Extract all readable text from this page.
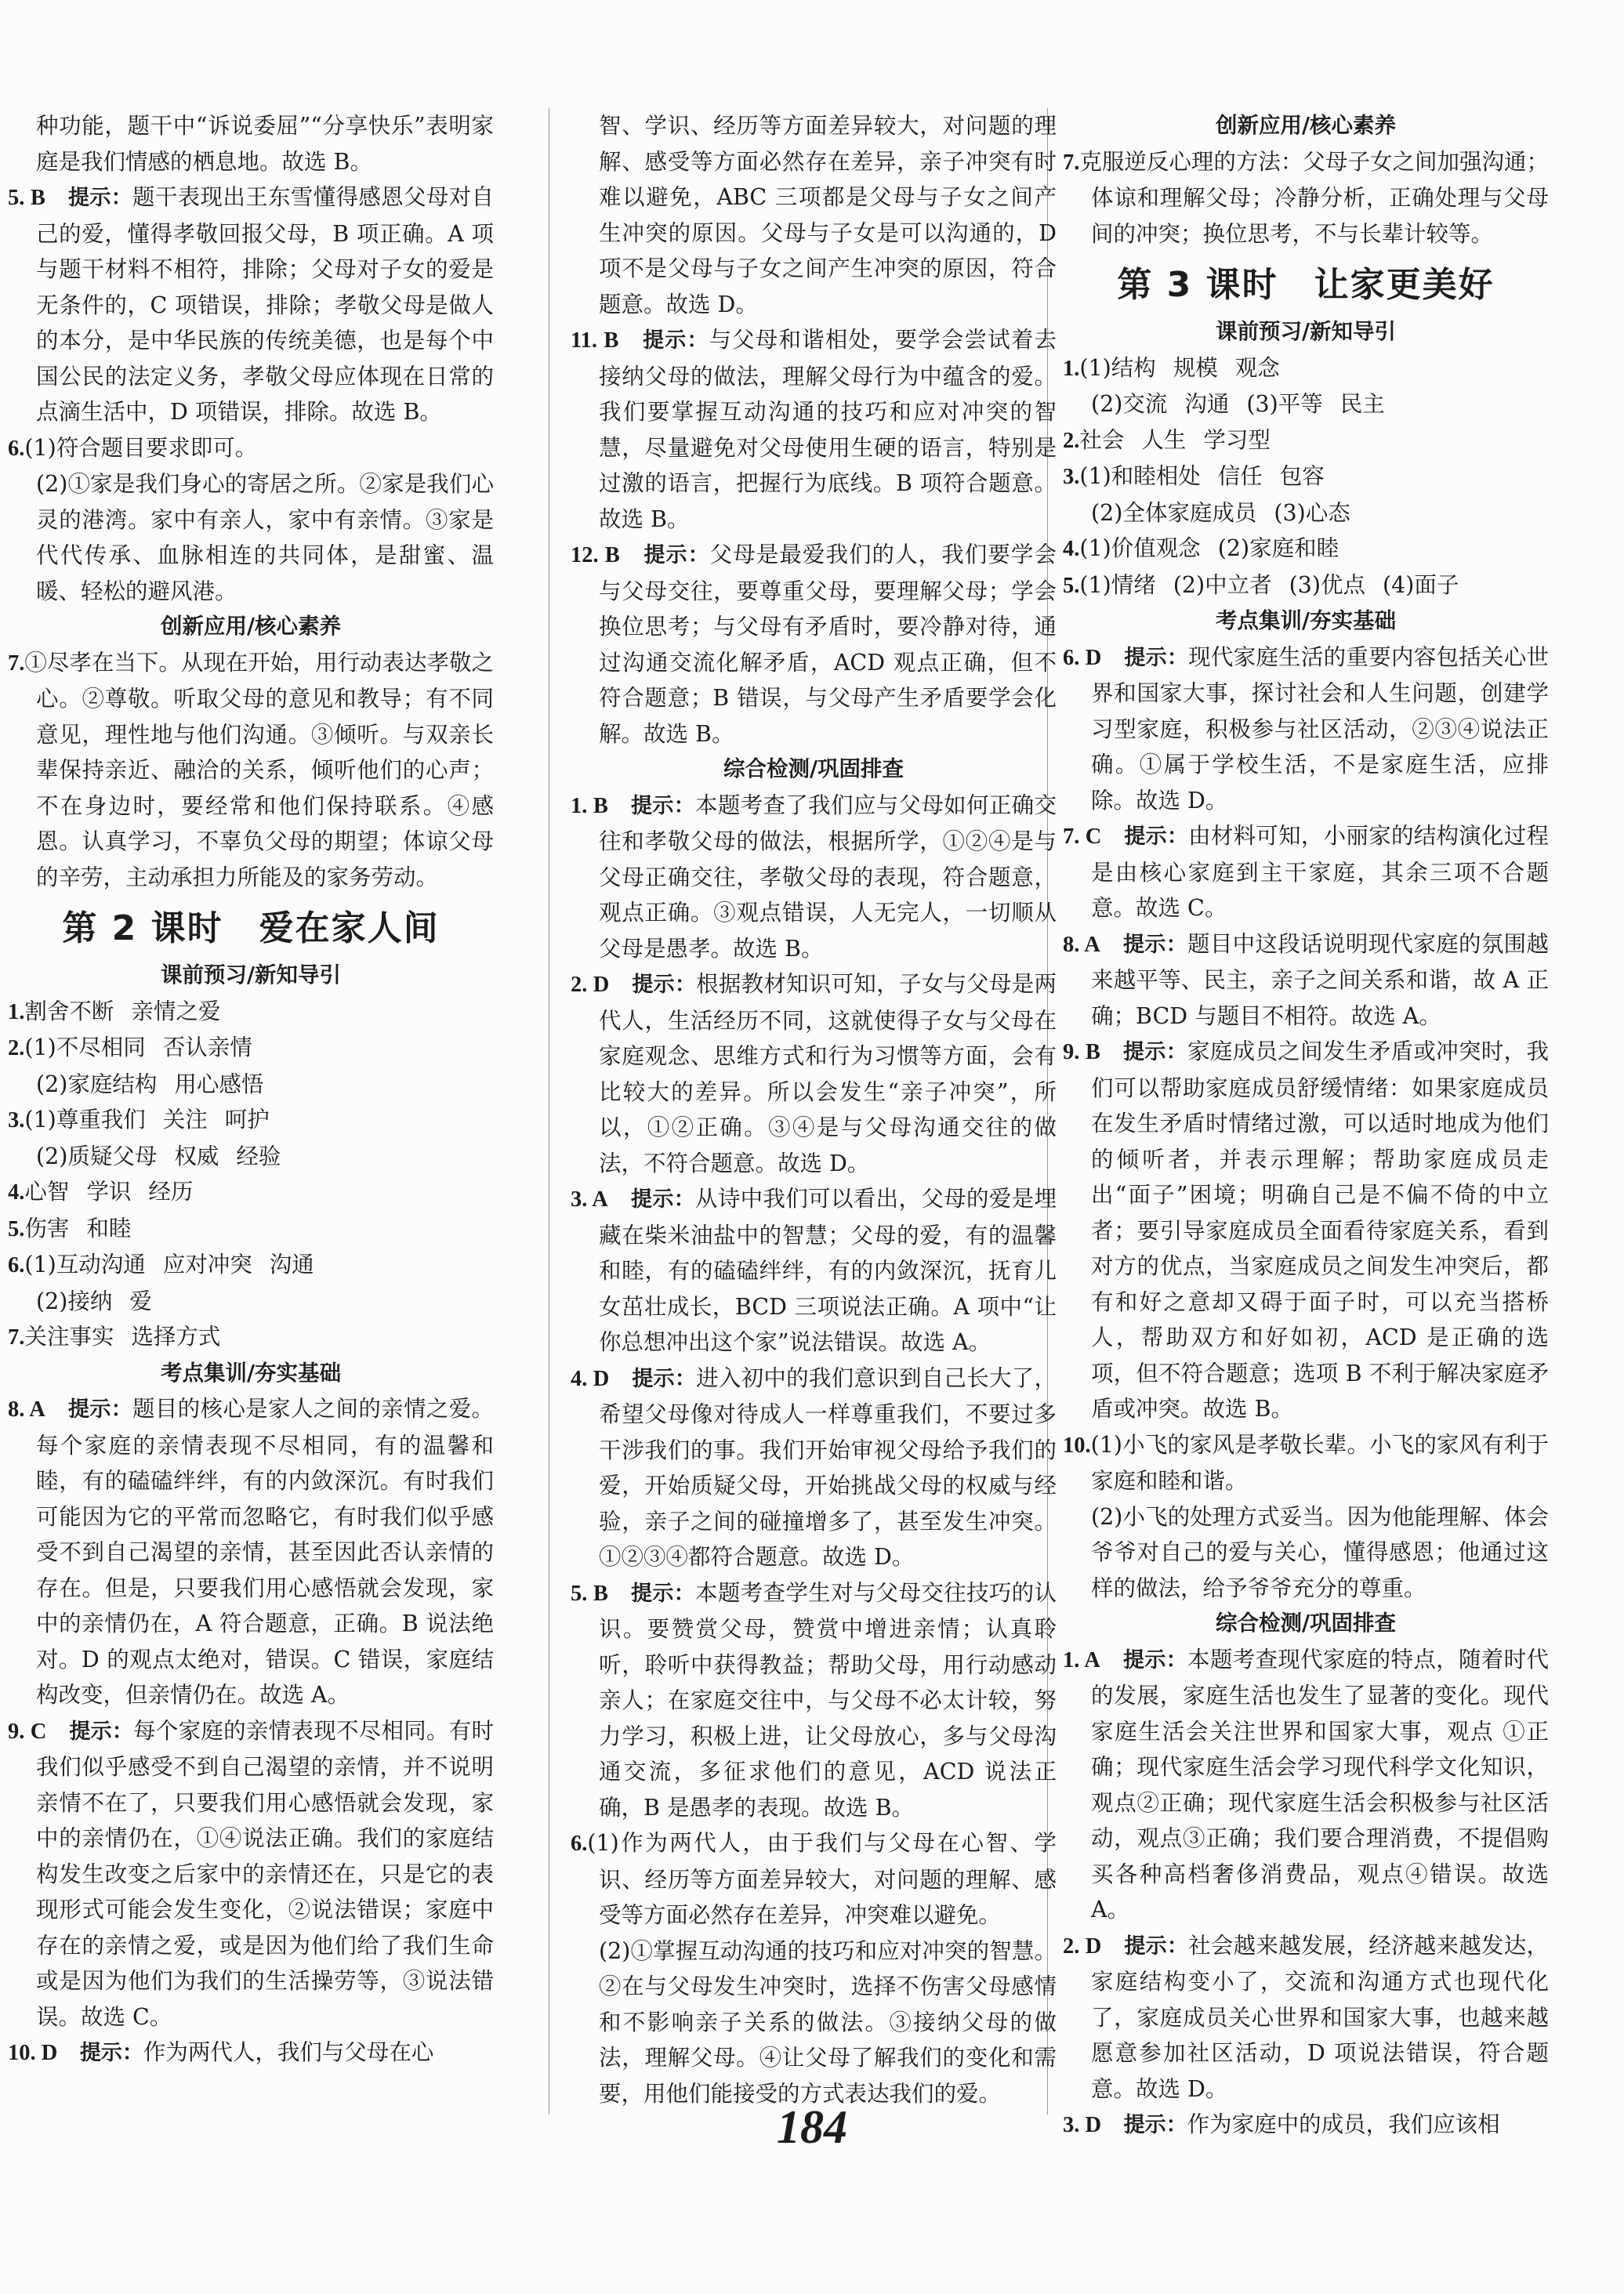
种功能，题干中“诉说委屈”“分享快乐”表明家庭是我们情感的栖息地。故选 B。

5. B　 提示：题干表现出王东雪懂得感恩父母对自己的爱，懂得孝敬回报父母，B 项正确。A 项与题干材料不相符，排除；父母对子女的爱是无条件的，C 项错误，排除；孝敬父母是做人的本分，是中华民族的传统美德，也是每个中国公民的法定义务，孝敬父母应体现在日常的点滴生活中，D 项错误，排除。故选 B。

6.(1)符合题目要求即可。

(2)①家是我们身心的寄居之所。②家是我们心灵的港湾。家中有亲人，家中有亲情。③家是代代传承、血脉相连的共同体，是甜蜜、温暖、轻松的避风港。

创新应用/核心素养

7.①尽孝在当下。从现在开始，用行动表达孝敬之心。②尊敬。听取父母的意见和教导；有不同意见，理性地与他们沟通。③倾听。与双亲长辈保持亲近、融洽的关系，倾听他们的心声；不在身边时，要经常和他们保持联系。④感恩。认真学习，不辜负父母的期望；体谅父母的辛劳，主动承担力所能及的家务劳动。

第 2 课时　爱在家人间

课前预习/新知导引

1.割舍不断 亲情之爱

2.(1)不尽相同 否认亲情

(2)家庭结构 用心感悟

3.(1)尊重我们 关注 呵护

(2)质疑父母 权威 经验

4.心智 学识 经历

5.伤害 和睦

6.(1)互动沟通 应对冲突 沟通

(2)接纳 爱

7.关注事实 选择方式

考点集训/夯实基础

8. A　 提示：题目的核心是家人之间的亲情之爱。每个家庭的亲情表现不尽相同，有的温馨和睦，有的磕磕绊绊，有的内敛深沉。有时我们可能因为它的平常而忽略它，有时我们似乎感受不到自己渴望的亲情，甚至因此否认亲情的存在。但是，只要我们用心感悟就会发现，家中的亲情仍在，A 符合题意，正确。B 说法绝对。D 的观点太绝对，错误。C 错误，家庭结构改变，但亲情仍在。故选 A。

9. C　 提示：每个家庭的亲情表现不尽相同。有时我们似乎感受不到自己渴望的亲情，并不说明亲情不在了，只要我们用心感悟就会发现，家中的亲情仍在，①④说法正确。我们的家庭结构发生改变之后家中的亲情还在，只是它的表现形式可能会发生变化，②说法错误；家庭中存在的亲情之爱，或是因为他们给了我们生命或是因为他们为我们的生活操劳等，③说法错误。故选 C。

10. D　 提示：作为两代人，我们与父母在心

智、学识、经历等方面差异较大，对问题的理解、感受等方面必然存在差异，亲子冲突有时难以避免，ABC 三项都是父母与子女之间产生冲突的原因。父母与子女是可以沟通的，D 项不是父母与子女之间产生冲突的原因，符合题意。故选 D。

11. B　 提示：与父母和谐相处，要学会尝试着去接纳父母的做法，理解父母行为中蕴含的爱。我们要掌握互动沟通的技巧和应对冲突的智慧，尽量避免对父母使用生硬的语言，特别是过激的语言，把握行为底线。B 项符合题意。故选 B。

12. B　 提示：父母是最爱我们的人，我们要学会与父母交往，要尊重父母，要理解父母；学会换位思考；与父母有矛盾时，要冷静对待，通过沟通交流化解矛盾，ACD 观点正确，但不符合题意；B 错误，与父母产生矛盾要学会化解。故选 B。

综合检测/巩固排查

1. B　 提示：本题考查了我们应与父母如何正确交往和孝敬父母的做法，根据所学，①②④是与父母正确交往，孝敬父母的表现，符合题意，观点正确。③观点错误，人无完人，一切顺从父母是愚孝。故选 B。

2. D　 提示：根据教材知识可知，子女与父母是两代人，生活经历不同，这就使得子女与父母在家庭观念、思维方式和行为习惯等方面，会有比较大的差异。所以会发生“亲子冲突”，所以，①②正确。③④是与父母沟通交往的做法，不符合题意。故选 D。

3. A　 提示：从诗中我们可以看出，父母的爱是埋藏在柴米油盐中的智慧；父母的爱，有的温馨和睦，有的磕磕绊绊，有的内敛深沉，抚育儿女茁壮成长，BCD 三项说法正确。A 项中“让你总想冲出这个家”说法错误。故选 A。

4. D　 提示：进入初中的我们意识到自己长大了，希望父母像对待成人一样尊重我们，不要过多干涉我们的事。我们开始审视父母给予我们的爱，开始质疑父母，开始挑战父母的权威与经验，亲子之间的碰撞增多了，甚至发生冲突。①②③④都符合题意。故选 D。

5. B　 提示：本题考查学生对与父母交往技巧的认识。要赞赏父母，赞赏中增进亲情；认真聆听，聆听中获得教益；帮助父母，用行动感动亲人；在家庭交往中，与父母不必太计较，努力学习，积极上进，让父母放心，多与父母沟通交流，多征求他们的意见，ACD 说法正确，B 是愚孝的表现。故选 B。

6.(1)作为两代人，由于我们与父母在心智、学识、经历等方面差异较大，对问题的理解、感受等方面必然存在差异，冲突难以避免。

(2)①掌握互动沟通的技巧和应对冲突的智慧。②在与父母发生冲突时，选择不伤害父母感情和不影响亲子关系的做法。③接纳父母的做法，理解父母。④让父母了解我们的变化和需要，用他们能接受的方式表达我们的爱。

创新应用/核心素养

7.克服逆反心理的方法：父母子女之间加强沟通；体谅和理解父母；冷静分析，正确处理与父母间的冲突；换位思考，不与长辈计较等。

第 3 课时　让家更美好

课前预习/新知导引

1.(1)结构 规模 观念

(2)交流 沟通 (3)平等 民主

2.社会 人生 学习型

3.(1)和睦相处 信任 包容

(2)全体家庭成员 (3)心态

4.(1)价值观念 (2)家庭和睦

5.(1)情绪 (2)中立者 (3)优点 (4)面子

考点集训/夯实基础

6. D　 提示：现代家庭生活的重要内容包括关心世界和国家大事，探讨社会和人生问题，创建学习型家庭，积极参与社区活动，②③④说法正确。①属于学校生活，不是家庭生活，应排除。故选 D。

7. C　 提示：由材料可知，小丽家的结构演化过程是由核心家庭到主干家庭，其余三项不合题意。故选 C。

8. A　 提示：题目中这段话说明现代家庭的氛围越来越平等、民主，亲子之间关系和谐，故 A 正确；BCD 与题目不相符。故选 A。

9. B　 提示：家庭成员之间发生矛盾或冲突时，我们可以帮助家庭成员舒缓情绪：如果家庭成员在发生矛盾时情绪过激，可以适时地成为他们的倾听者，并表示理解；帮助家庭成员走出“面子”困境；明确自己是不偏不倚的中立者；要引导家庭成员全面看待家庭关系，看到对方的优点，当家庭成员之间发生冲突后，都有和好之意却又碍于面子时，可以充当搭桥人，帮助双方和好如初，ACD 是正确的选项，但不符合题意；选项 B 不利于解决家庭矛盾或冲突。故选 B。

10.(1)小飞的家风是孝敬长辈。小飞的家风有利于家庭和睦和谐。

(2)小飞的处理方式妥当。因为他能理解、体会爷爷对自己的爱与关心，懂得感恩；他通过这样的做法，给予爷爷充分的尊重。

综合检测/巩固排查

1. A　 提示：本题考查现代家庭的特点，随着时代的发展，家庭生活也发生了显著的变化。现代家庭生活会关注世界和国家大事，观点 ①正确；现代家庭生活会学习现代科学文化知识，观点②正确；现代家庭生活会积极参与社区活动，观点③正确；我们要合理消费，不提倡购买各种高档奢侈消费品，观点④错误。故选 A。

2. D　 提示：社会越来越发展，经济越来越发达，家庭结构变小了，交流和沟通方式也现代化了，家庭成员关心世界和国家大事，也越来越愿意参加社区活动，D 项说法错误，符合题意。故选 D。

3. D　 提示：作为家庭中的成员，我们应该相

184
